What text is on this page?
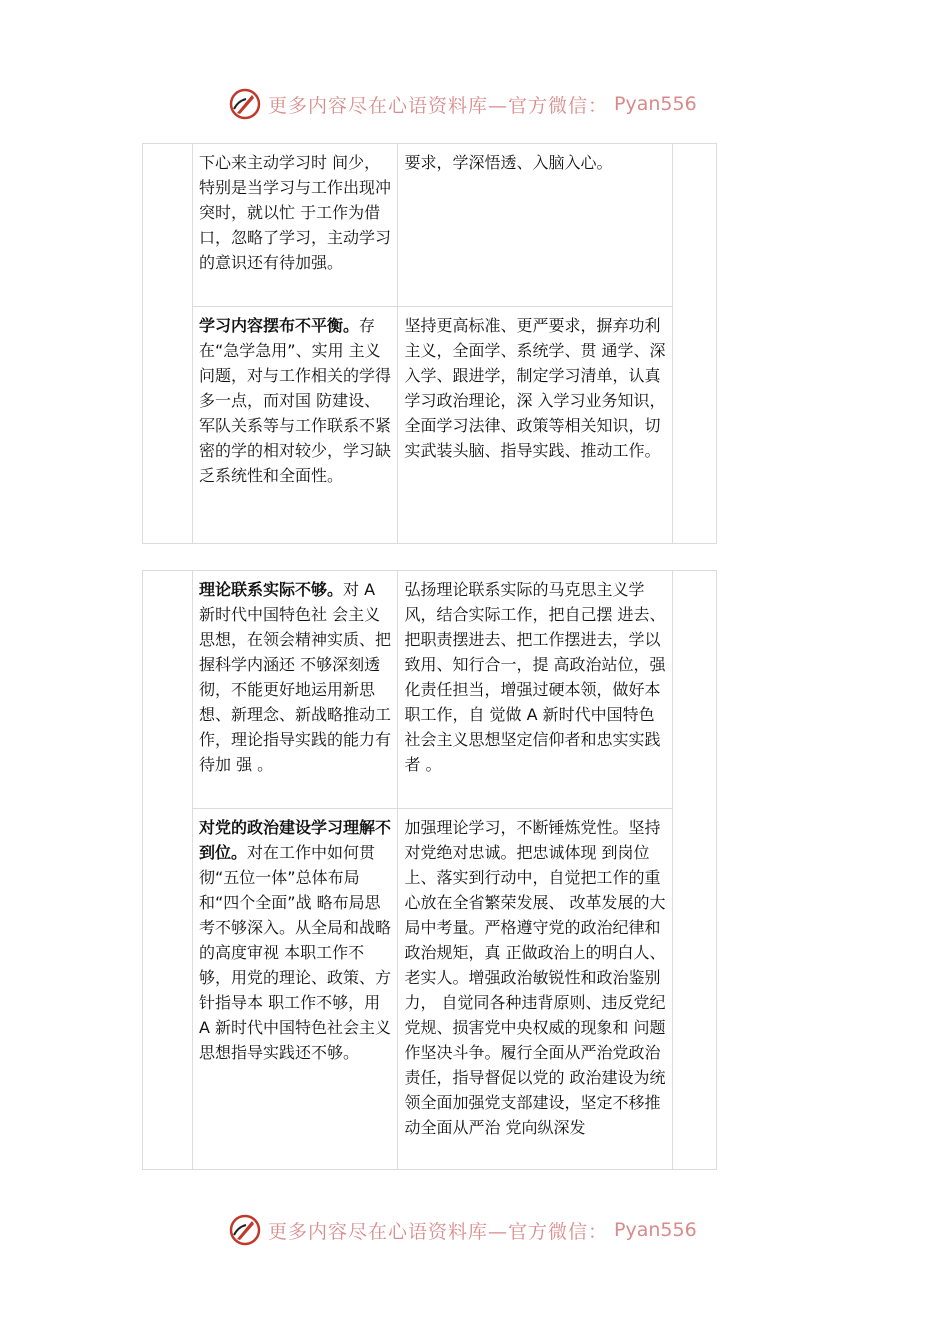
更多内容尽在心语资料库—官方微信： Pyan556
	下心来主动学习时 间少，特别是当学习与工作出现冲突时，就以忙 于工作为借口，忽略了学习，主动学习的意识还有待加强。	要求，学深悟透、入脑入心。	
	学习内容摆布不平衡。存在“急学急用”、实用 主义问题，对与工作相关的学得多一点，而对国 防建设、军队关系等与工作联系不紧密的学的相对较少，学习缺乏系统性和全面性。	坚持更高标准、更严要求，摒弃功利主义，全面学、系统学、贯 通学、深入学、跟进学，制定学习清单，认真学习政治理论，深 入学习业务知识，全面学习法律、政策等相关知识，切实武装头脑、指导实践、推动工作。	
	理论联系实际不够。对 A 新时代中国特色社 会主义思想，在领会精神实质、把握科学内涵还 不够深刻透彻，不能更好地运用新思想、新理念、新战略推动工作，理论指导实践的能力有待加 强 。	弘扬理论联系实际的马克思主义学风，结合实际工作，把自己摆 进去、把职责摆进去、把工作摆进去，学以致用、知行合一，提 高政治站位，强化责任担当，增强过硬本领，做好本职工作，自 觉做 A 新时代中国特色社会主义思想坚定信仰者和忠实实践 者 。	
	对党的政治建设学习理解不到位。对在工作中如何贯彻“五位一体”总体布局和“四个全面”战 略布局思考不够深入。从全局和战略的高度审视 本职工作不够，用党的理论、政策、方针指导本 职工作不够，用 A 新时代中国特色社会主义 思想指导实践还不够。	加强理论学习，不断锤炼党性。坚持对党绝对忠诚。把忠诚体现 到岗位上、落实到行动中，自觉把工作的重心放在全省繁荣发展、 改革发展的大局中考量。严格遵守党的政治纪律和政治规矩，真 正做政治上的明白人、老实人。增强政治敏锐性和政治鉴别力， 自觉同各种违背原则、违反党纪党规、损害党中央权威的现象和 问题作坚决斗争。履行全面从严治党政治责任，指导督促以党的 政治建设为统领全面加强党支部建设，坚定不移推动全面从严治 党向纵深发	
更多内容尽在心语资料库—官方微信： Pyan556
